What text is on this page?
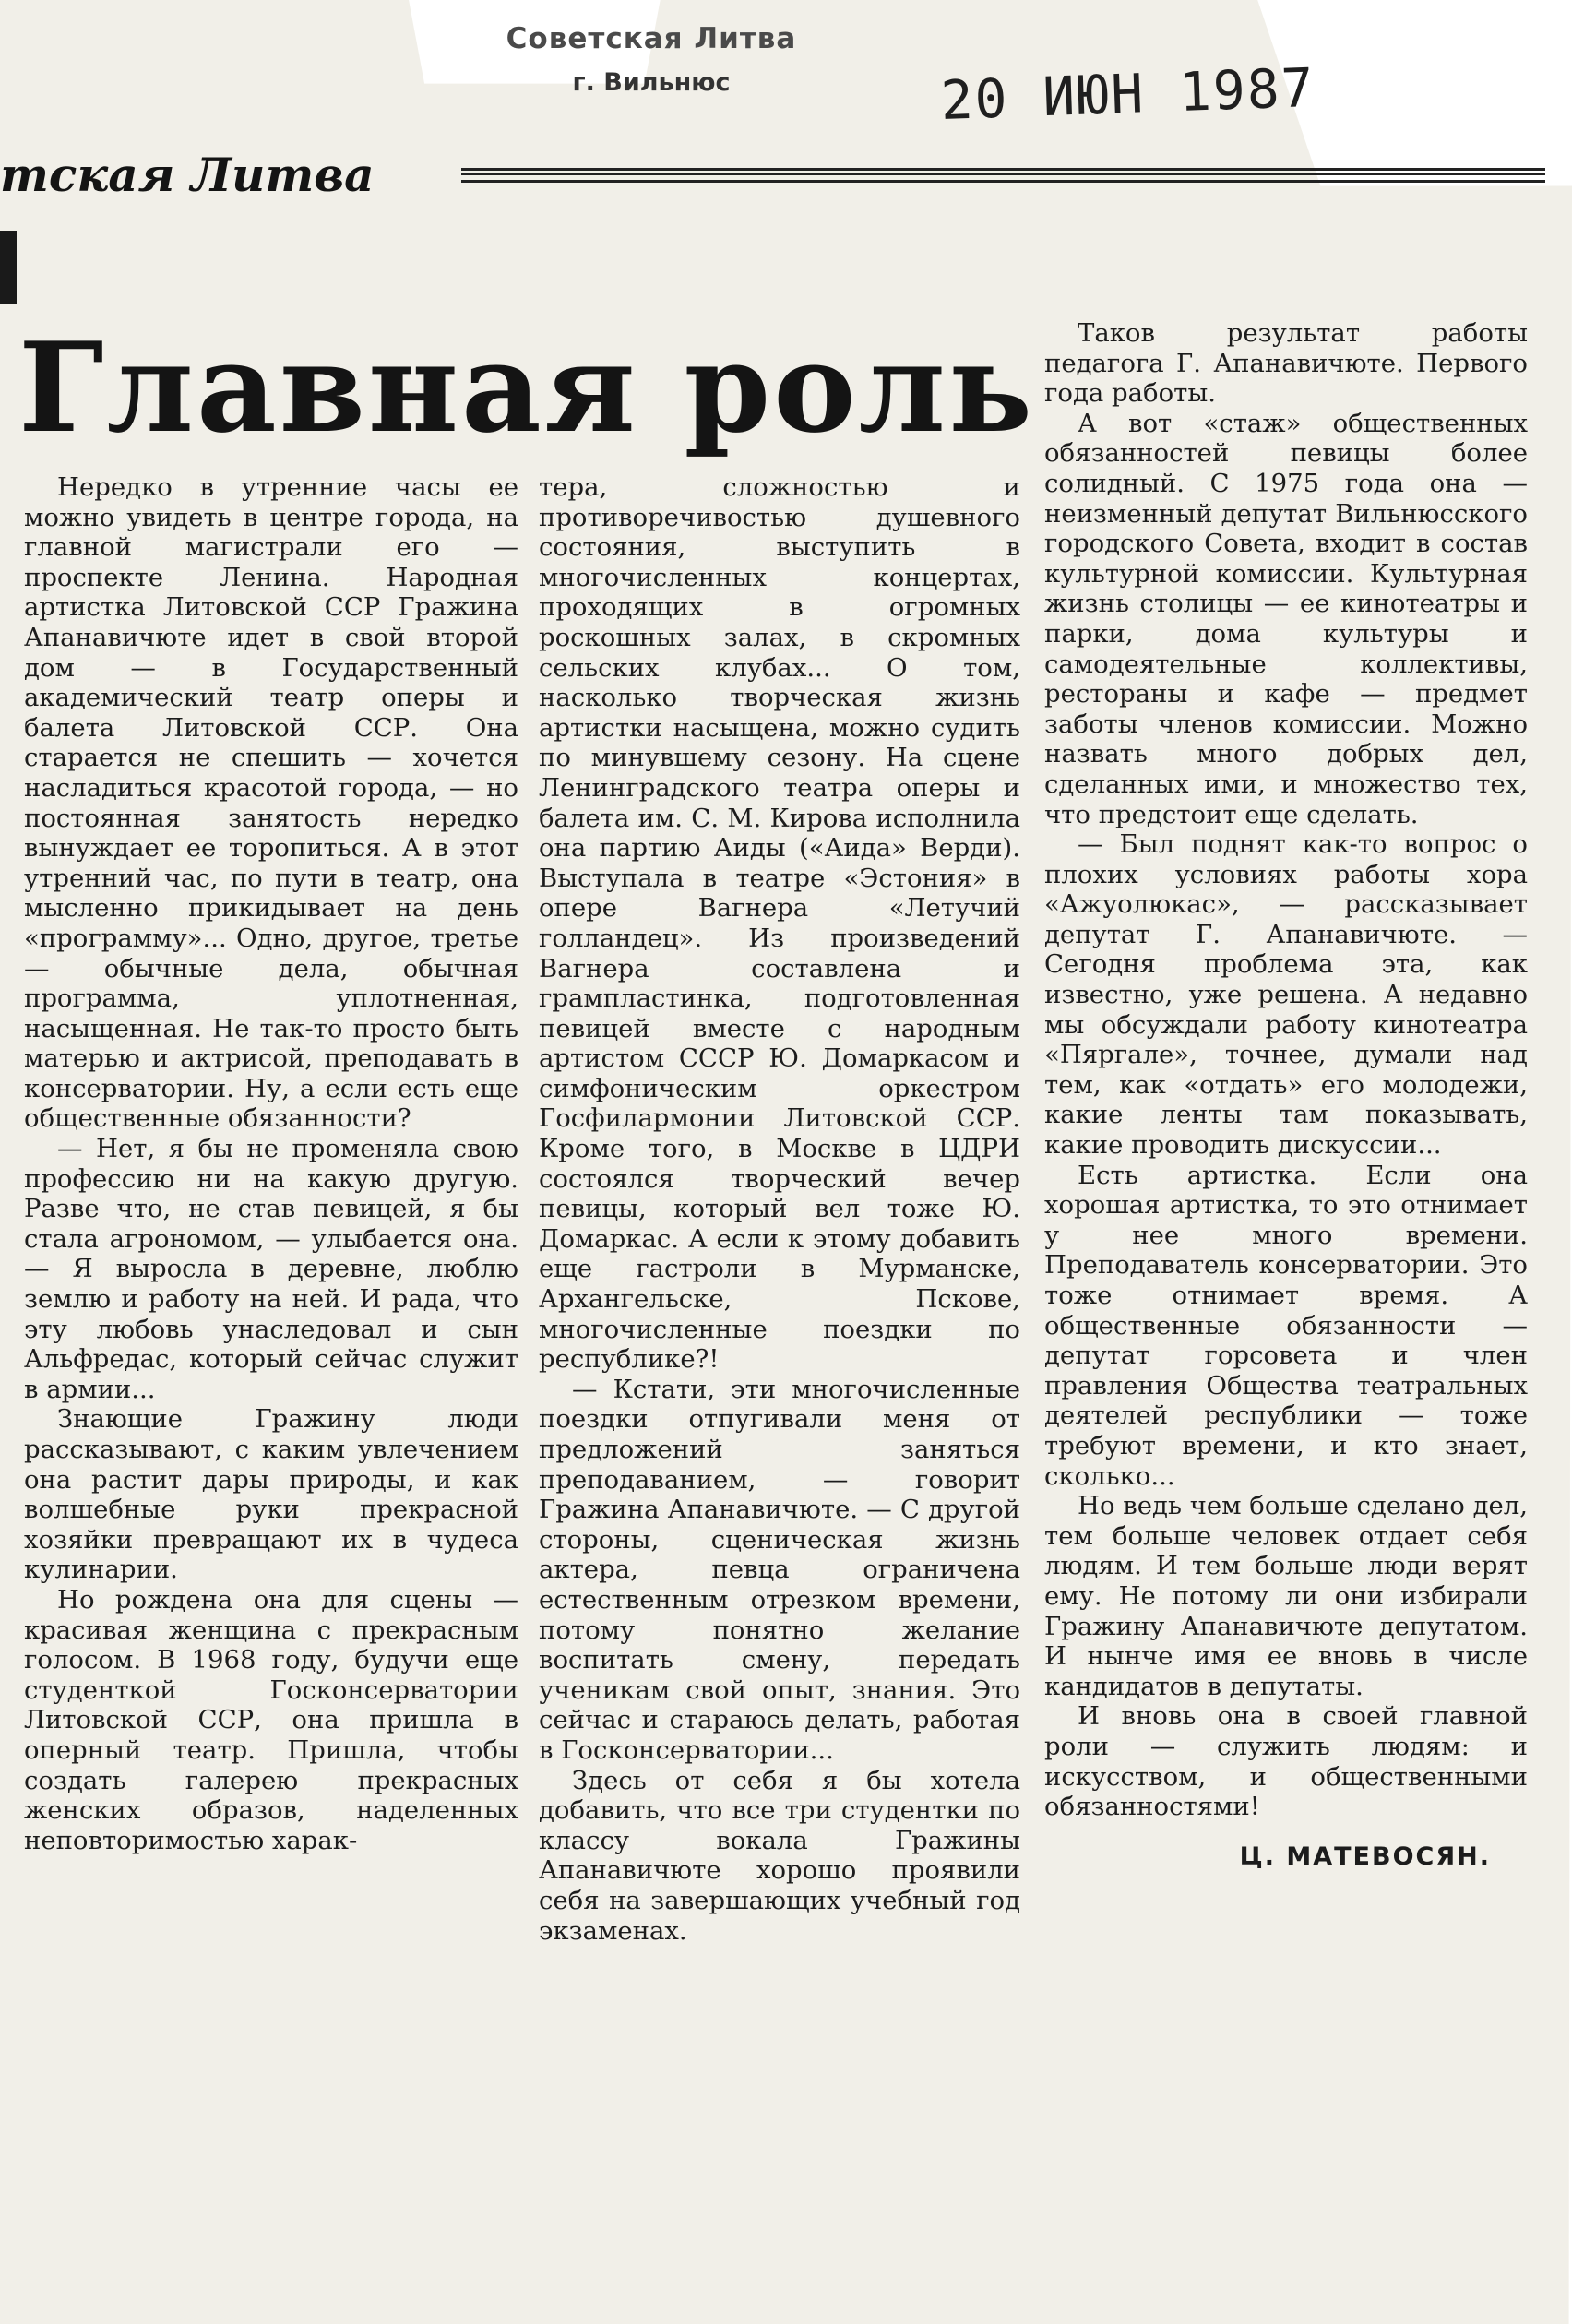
Советская Литва
г. Вильнюс	20 ИЮН 1987
тская Литва
Главная роль

Нередко в утренние часы ее можно увидеть в центре города, на главной магистрали его — проспекте Ленина. Народная артистка Литовской ССР Гражина Апанавичюте идет в свой второй дом — в Государственный академический театр оперы и балета Литовской ССР. Она старается не спешить — хочется насладиться красотой города, — но постоянная занятость нередко вынуждает ее торопиться. А в этот утренний час, по пути в театр, она мысленно прикидывает на день «программу»... Одно, другое, третье — обычные дела, обычная программа, уплотненная, насыщенная. Не так-то просто быть матерью и актрисой, преподавать в консерватории. Ну, а если есть еще общественные обязанности?

— Нет, я бы не променяла свою профессию ни на какую другую. Разве что, не став певицей, я бы стала агрономом, — улыбается она. — Я выросла в деревне, люблю землю и работу на ней. И рада, что эту любовь унаследовал и сын Альфредас, который сейчас служит в армии...

Знающие Гражину люди рассказывают, с каким увлечением она растит дары природы, и как волшебные руки прекрасной хозяйки превращают их в чудеса кулинарии.

Но рождена она для сцены — красивая женщина с прекрасным голосом. В 1968 году, будучи еще студенткой Госконсерватории Литовской ССР, она пришла в оперный театр. Пришла, чтобы создать галерею прекрасных женских образов, наделенных неповторимостью харак-

тера, сложностью и противоречивостью душевного состояния, выступить в многочисленных концертах, проходящих в огромных роскошных залах, в скромных сельских клубах... О том, насколько творческая жизнь артистки насыщена, можно судить по минувшему сезону. На сцене Ленинградского театра оперы и балета им. С. М. Кирова исполнила она партию Аиды («Аида» Верди). Выступала в театре «Эстония» в опере Вагнера «Летучий голландец». Из произведений Вагнера составлена и грампластинка, подготовленная певицей вместе с народным артистом СССР Ю. Домаркасом и симфоническим оркестром Госфилармонии Литовской ССР. Кроме того, в Москве в ЦДРИ состоялся творческий вечер певицы, который вел тоже Ю. Домаркас. А если к этому добавить еще гастроли в Мурманске, Архангельске, Пскове, многочисленные поездки по республике?!

— Кстати, эти многочисленные поездки отпугивали меня от предложений заняться преподаванием, — говорит Гражина Апанавичюте. — С другой стороны, сценическая жизнь актера, певца ограничена естественным отрезком времени, потому понятно желание воспитать смену, передать ученикам свой опыт, знания. Это сейчас и стараюсь делать, работая в Госконсерватории...

Здесь от себя я бы хотела добавить, что все три студентки по классу вокала Гражины Апанавичюте хорошо проявили себя на завершающих учебный год экзаменах.

Таков результат работы педагога Г. Апанавичюте. Первого года работы.

А вот «стаж» общественных обязанностей певицы более солидный. С 1975 года она — неизменный депутат Вильнюсского городского Совета, входит в состав культурной комиссии. Культурная жизнь столицы — ее кинотеатры и парки, дома культуры и самодеятельные коллективы, рестораны и кафе — предмет заботы членов комиссии. Можно назвать много добрых дел, сделанных ими, и множество тех, что предстоит еще сделать.

— Был поднят как-то вопрос о плохих условиях работы хора «Ажуолюкас», — рассказывает депутат Г. Апанавичюте. — Сегодня проблема эта, как известно, уже решена. А недавно мы обсуждали работу кинотеатра «Пяргале», точнее, думали над тем, как «отдать» его молодежи, какие ленты там показывать, какие проводить дискуссии...

Есть артистка. Если она хорошая артистка, то это отнимает у нее много времени. Преподаватель консерватории. Это тоже отнимает время. А общественные обязанности — депутат горсовета и член правления Общества театральных деятелей республики — тоже требуют времени, и кто знает, сколько...

Но ведь чем больше сделано дел, тем больше человек отдает себя людям. И тем больше люди верят ему. Не потому ли они избирали Гражину Апанавичюте депутатом. И нынче имя ее вновь в числе кандидатов в депутаты.

И вновь она в своей главной роли — служить людям: и искусством, и общественными обязанностями!

Ц. МАТЕВОСЯН.
